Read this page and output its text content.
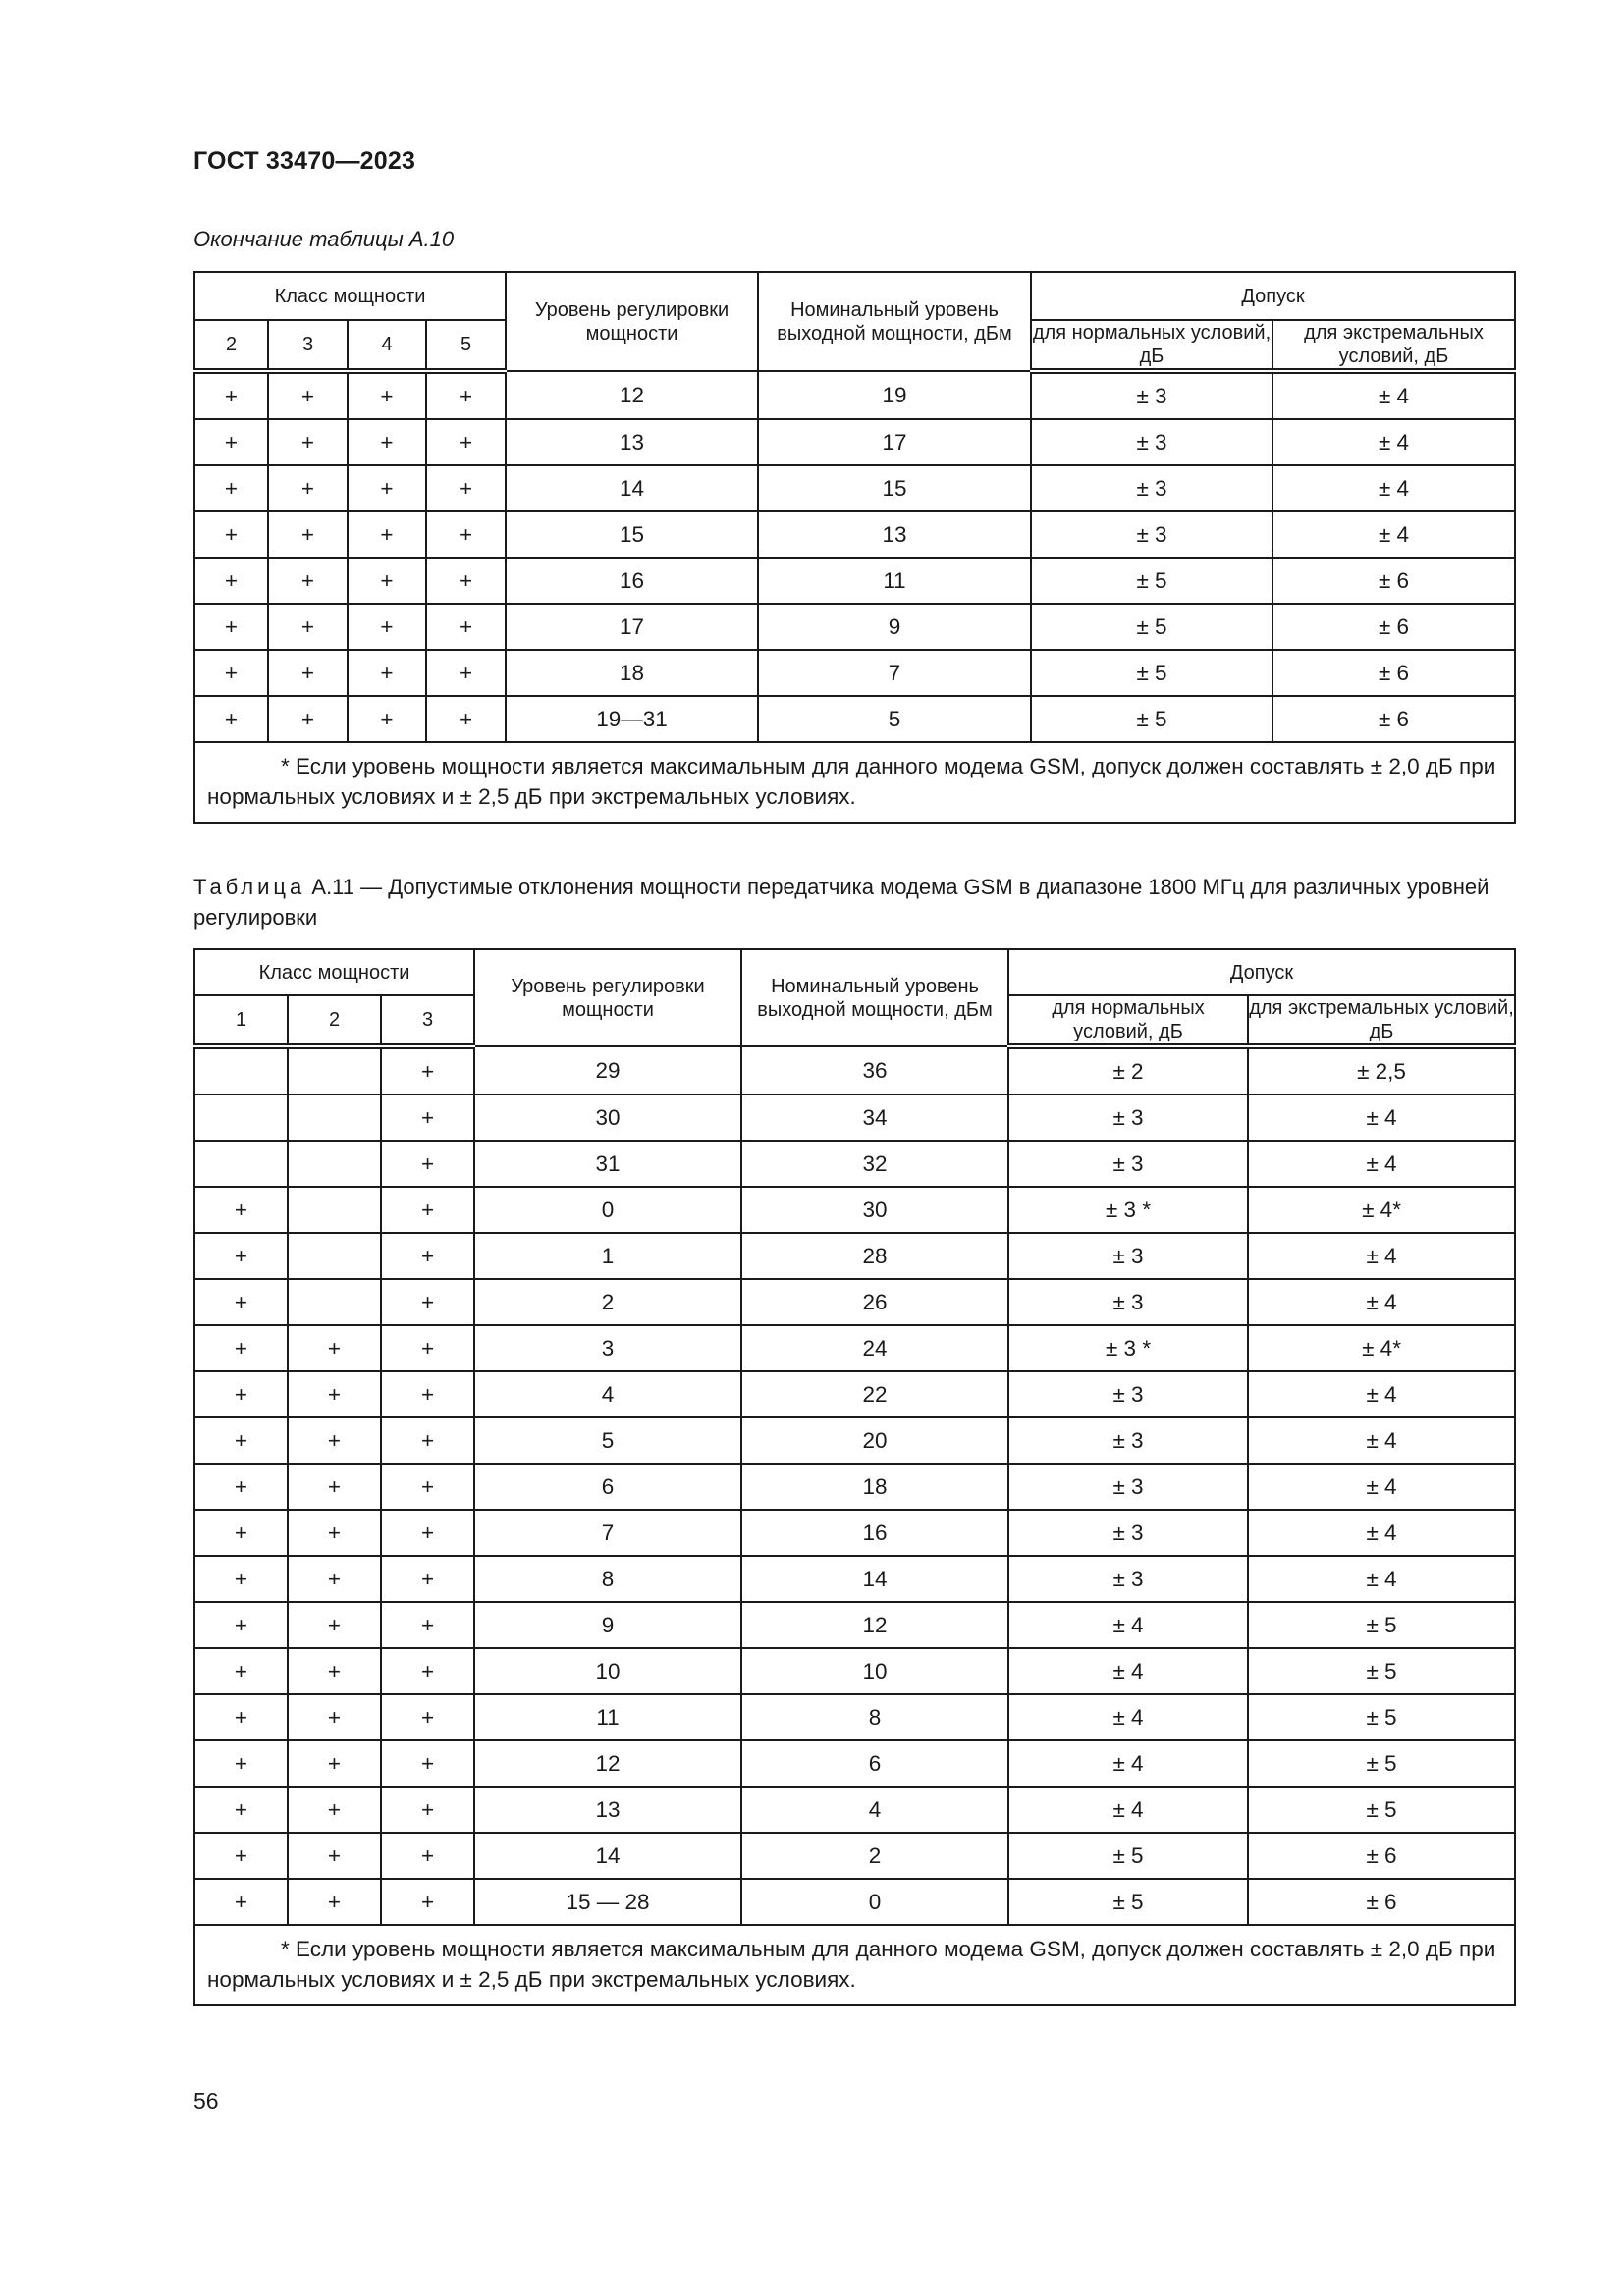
ГОСТ 33470—2023
Окончание таблицы А.10
Класс мощности				Уровень регулировки мощности	Номинальный уровень выходной мощности, дБм	Допуск	
2	3	4	5			для нормальных условий, дБ	для экстремальных условий, дБ
+	+	+	+	12	19	± 3	± 4
+	+	+	+	13	17	± 3	± 4
+	+	+	+	14	15	± 3	± 4
+	+	+	+	15	13	± 3	± 4
+	+	+	+	16	11	± 5	± 6
+	+	+	+	17	9	± 5	± 6
+	+	+	+	18	7	± 5	± 6
+	+	+	+	19—31	5	± 5	± 6
* Если уровень мощности является максимальным для данного модема GSM, допуск должен составлять ± 2,0 дБ при нормальных условиях и ± 2,5 дБ при экстремальных условиях.							
Таблица А.11 — Допустимые отклонения мощности передатчика модема GSM в диапазоне 1800 МГц для различных уровней регулировки
Класс мощности			Уровень регулировки мощности	Номинальный уровень выходной мощности, дБм	Допуск	
1	2	3			для нормальных условий, дБ	для экстремальных условий, дБ
		+	29	36	± 2	± 2,5
		+	30	34	± 3	± 4
		+	31	32	± 3	± 4
+		+	0	30	± 3 *	± 4*
+		+	1	28	± 3	± 4
+		+	2	26	± 3	± 4
+	+	+	3	24	± 3 *	± 4*
+	+	+	4	22	± 3	± 4
+	+	+	5	20	± 3	± 4
+	+	+	6	18	± 3	± 4
+	+	+	7	16	± 3	± 4
+	+	+	8	14	± 3	± 4
+	+	+	9	12	± 4	± 5
+	+	+	10	10	± 4	± 5
+	+	+	11	8	± 4	± 5
+	+	+	12	6	± 4	± 5
+	+	+	13	4	± 4	± 5
+	+	+	14	2	± 5	± 6
+	+	+	15 — 28	0	± 5	± 6
* Если уровень мощности является максимальным для данного модема GSM, допуск должен составлять ± 2,0 дБ при нормальных условиях и ± 2,5 дБ при экстремальных условиях.						
56
